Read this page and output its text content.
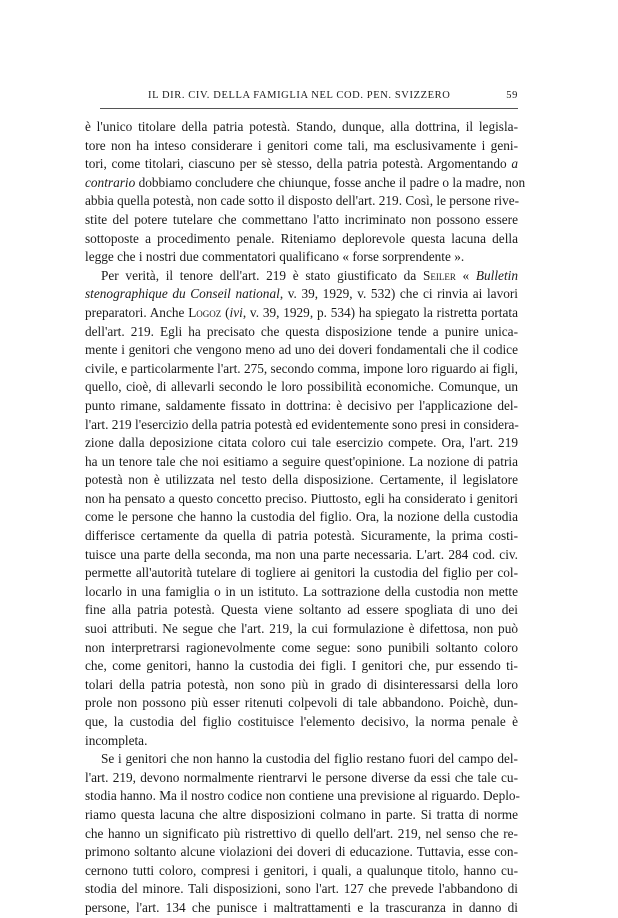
IL DIR. CIV. DELLA FAMIGLIA NEL COD. PEN. SVIZZERO	59
è l'unico titolare della patria potestà. Stando, dunque, alla dottrina, il legisla-
tore non ha inteso considerare i genitori come tali, ma esclusivamente i geni-
tori, come titolari, ciascuno per sè stesso, della patria potestà. Argomentando a
contrario dobbiamo concludere che chiunque, fosse anche il padre o la madre, non
abbia quella potestà, non cade sotto il disposto dell'art. 219. Così, le persone rive-
stite del potere tutelare che commettano l'atto incriminato non possono essere
sottoposte a procedimento penale. Riteniamo deplorevole questa lacuna della
legge che i nostri due commentatori qualificano « forse sorprendente ».
Per verità, il tenore dell'art. 219 è stato giustificato da Seiler « Bulletin
stenographique du Conseil national, v. 39, 1929, v. 532) che ci rinvia ai lavori
preparatori. Anche Logoz (ivi, v. 39, 1929, p. 534) ha spiegato la ristretta portata
dell'art. 219. Egli ha precisato che questa disposizione tende a punire unica-
mente i genitori che vengono meno ad uno dei doveri fondamentali che il codice
civile, e particolarmente l'art. 275, secondo comma, impone loro riguardo ai figli,
quello, cioè, di allevarli secondo le loro possibilità economiche. Comunque, un
punto rimane, saldamente fissato in dottrina: è decisivo per l'applicazione del-
l'art. 219 l'esercizio della patria potestà ed evidentemente sono presi in considera-
zione dalla deposizione citata coloro cui tale esercizio compete. Ora, l'art. 219
ha un tenore tale che noi esitiamo a seguire quest'opinione. La nozione di patria
potestà non è utilizzata nel testo della disposizione. Certamente, il legislatore
non ha pensato a questo concetto preciso. Piuttosto, egli ha considerato i genitori
come le persone che hanno la custodia del figlio. Ora, la nozione della custodia
differisce certamente da quella di patria potestà. Sicuramente, la prima costi-
tuisce una parte della seconda, ma non una parte necessaria. L'art. 284 cod. civ.
permette all'autorità tutelare di togliere ai genitori la custodia del figlio per col-
locarlo in una famiglia o in un istituto. La sottrazione della custodia non mette
fine alla patria potestà. Questa viene soltanto ad essere spogliata di uno dei
suoi attributi. Ne segue che l'art. 219, la cui formulazione è difettosa, non può
non interpretrarsi ragionevolmente come segue: sono punibili soltanto coloro
che, come genitori, hanno la custodia dei figli. I genitori che, pur essendo ti-
tolari della patria potestà, non sono più in grado di disinteressarsi della loro
prole non possono più esser ritenuti colpevoli di tale abbandono. Poichè, dun-
que, la custodia del figlio costituisce l'elemento decisivo, la norma penale è
incompleta.
Se i genitori che non hanno la custodia del figlio restano fuori del campo del-
l'art. 219, devono normalmente rientrarvi le persone diverse da essi che tale cu-
stodia hanno. Ma il nostro codice non contiene una previsione al riguardo. Deplo-
riamo questa lacuna che altre disposizioni colmano in parte. Si tratta di norme
che hanno un significato più ristrettivo di quello dell'art. 219, nel senso che re-
primono soltanto alcune violazioni dei doveri di educazione. Tuttavia, esse con-
cernono tutti coloro, compresi i genitori, i quali, a qualunque titolo, hanno cu-
stodia del minore. Tali disposizioni, sono l'art. 127 che prevede l'abbandono di
persone, l'art. 134 che punisce i maltrattamenti e la trascuranza in danno di
